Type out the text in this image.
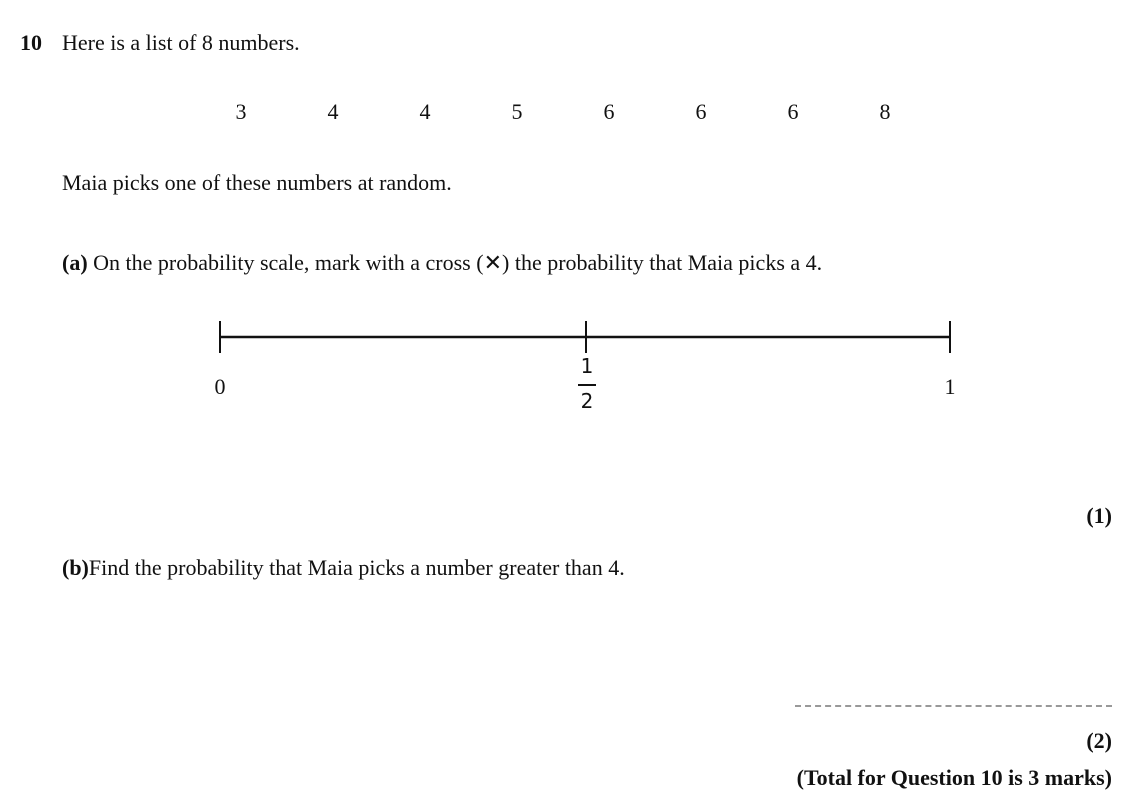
10 Here is a list of 8 numbers.
3	4	4	5	6	6	6	8
Maia picks one of these numbers at random.
(a) On the probability scale, mark with a cross (✕) the probability that Maia picks a 4.
0
1
2
1
(1)
(b)Find the probability that Maia picks a number greater than 4.
(2)
(Total for Question 10 is 3 marks)
